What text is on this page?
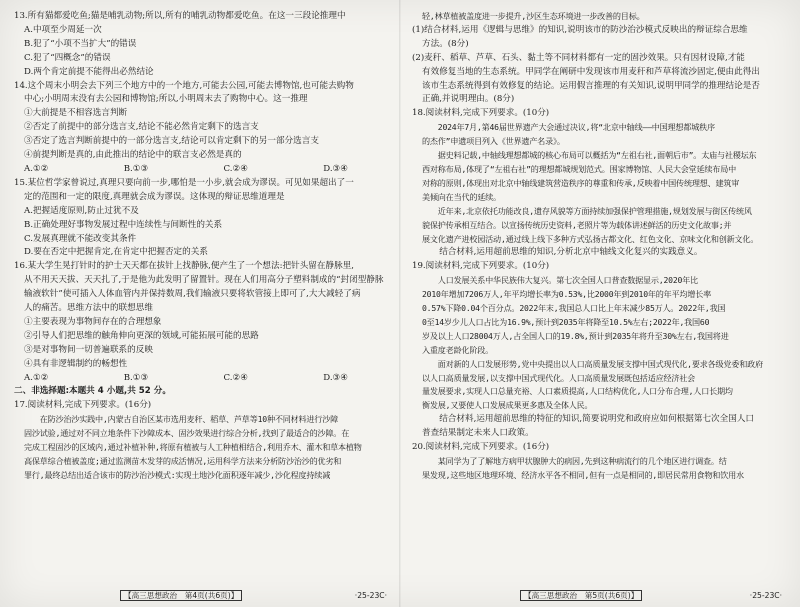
13.所有猫都爱吃鱼;猫是哺乳动物;所以,所有的哺乳动物都爱吃鱼。在这一三段论推理中
A.中项至少周延一次
B.犯了“小项不当扩大”的错误
C.犯了“四概念”的错误
D.两个肯定前提不能得出必然结论
14.这个周末小明会去下列三个地方中的一个地方,可能去公园,可能去博物馆,也可能去购物
中心;小明周末没有去公园和博物馆;所以,小明周末去了购物中心。这一推理
①大前提是不相容选言判断
②否定了前提中的部分选言支,结论不能必然肯定剩下的选言支
③否定了选言判断前提中的一部分选言支,结论可以肯定剩下的另一部分选言支
④前提判断是真的,由此推出的结论中的联言支必然是真的
A.①②	B.①③	C.②④	D.③④
15.某位哲学家曾说过,真理只要向前一步,哪怕是一小步,就会成为谬误。可见如果超出了一
定的范围和一定的限度,真理就会成为谬误。这体现的辩证思维道理是
A.把握适度原则,防止过犹不及
B.正确处理好事物发展过程中连续性与间断性的关系
C.发展真理就不能改变其条件
D.要在否定中把握肯定,在肯定中把握否定的关系
16.某大学生晃打针时的护士天天都在拔针上找静脉,便产生了一个想法:把针头留在静脉里,
从不用天天拔、天天扎了,于是他为此发明了留置针。现在人们用高分子塑料制成的“封闭型静脉
输液软针”使可插入人体血管内并保持数周,我们输液只要将软管接上即可了,大大减轻了病
人的痛苦。思维方法中的联想思维
①主要表现为事物间存在的合理想象
②引导人们把思维的触角伸向更深的领域,可能拓展可能的思路
③是对事物间一切普遍联系的反映
④具有非逻辑制约的畅想性
A.①②	B.①③	C.②④	D.③④
二、非选择题:本题共 4 小题,共 52 分。
17.阅读材料,完成下列要求。(16分)
　　在防沙治沙实践中,内蒙古自治区某市选用麦秆、稻草、芦草等10种不同材料进行沙障
固沙试验,通过对不同立地条件下沙障成本、固沙效果进行综合分析,找到了最适合的沙障。在
完成工程固沙的区域内,通过补植补种,将原有植被与人工种植相结合,利用乔木、灌木和草本植物
高保草综合植被盖度;通过监测苗木发芽的成活情况,运用科学方法来分析防沙治沙的优劣和
罪行,最终总结出适合该市的防沙治沙模式:实现土地沙化面积逐年减少,沙化程度持续减
【高三思想政治　第4页(共6页)】	·25-23C·
轻,林草植被盖度进一步提升,沙区生态环境进一步改善的目标。
(1)结合材料,运用《逻辑与思维》的知识,说明该市的防沙治沙模式反映出的辩证综合思维
方法。(8分)
(2)麦秆、稻草、芦草、石头、黏土等不同材料都有一定的固沙效果。只有因材设障,才能
有效修复当地的生态系统。甲同学在阐研中发现该市用麦秆和芦草将流沙固定,便由此得出
该市生态系统得到有效修复的结论。运用假言推理的有关知识,说明甲同学的推理结论是否
正确,并说明理由。(8分)
18.阅读材料,完成下列要求。(10分)
　　2024年7月,第46届世界遗产大会通过决议,将“北京中轴线——中国理想都城秩序
的杰作”申遗项目列入《世界遗产名录》。
　　据史料记载,中轴线理想都城的核心布局可以概括为“左祖右社,面朝后市”。太庙与社稷坛东
西对称布局,体现了“左祖右社”的理想都城规划范式。围家博物馆、人民大会堂延续布局中
对称的原则,体现出对北京中轴线建筑营造秩序的尊重和传承,反映着中国传统理想、建筑审
美倾向在当代的延续。
　　近年来,北京依托功能改良,遗存风貌等方面持续加强保护管理措施,规划发展与街区传统风
貌保护传承相互结合。以宣扬传统历史资料,老照片等为载体讲述鲜活的历史文化故事;并
展文化遗产进校园活动,通过线上线下多种方式弘扬古都文化、红色文化、京味文化和创新文化。
　　结合材料,运用超前思维的知识,分析北京中轴线文化复兴的实践意义。
19.阅读材料,完成下列要求。(10分)
　　人口发展关系中华民族伟大复兴。第七次全国人口普查数据显示,2020年比
2010年增加7206万人,年平均增长率为0.53%,比2000年到2010年的年平均增长率
0.57%下降0.04个百分点。2022年末,我国总人口比上年末减少85万人。2022年,我国
0至14岁少儿人口占比为16.9%,预计到2035年将降至10.5%左右;2022年,我国60
岁及以上人口28004万人,占全国人口的19.8%,预计到2035年将升至30%左右,我国将进
入重度老龄化阶段。
　　面对新的人口发展形势,党中央提出以人口高质量发展支撑中国式现代化,要求各级党委和政府
以人口高质量发展,以支撑中国式现代化。人口高质量发展既包括适应经济社会
量发展要求,实现人口总量充裕、人口素质提高,人口结构优化,人口分布合理,人口长期均
衡发展,又要使人口发展成果更多惠及全体人民。
　　结合材料,运用超前思维的特征的知识,简要说明党和政府应如何根据第七次全国人口
普查结果制定未来人口政策。
20.阅读材料,完成下列要求。(16分)
　　某同学为了了解地方病甲状腺肿大的病因,先到这种病流行的几个地区进行调查。结
果发现,这些地区地理环境、经济水平各不相同,但有一点是相同的,即居民常用食物和饮用水
【高三思想政治　第5页(共6页)】	·25-23C·
